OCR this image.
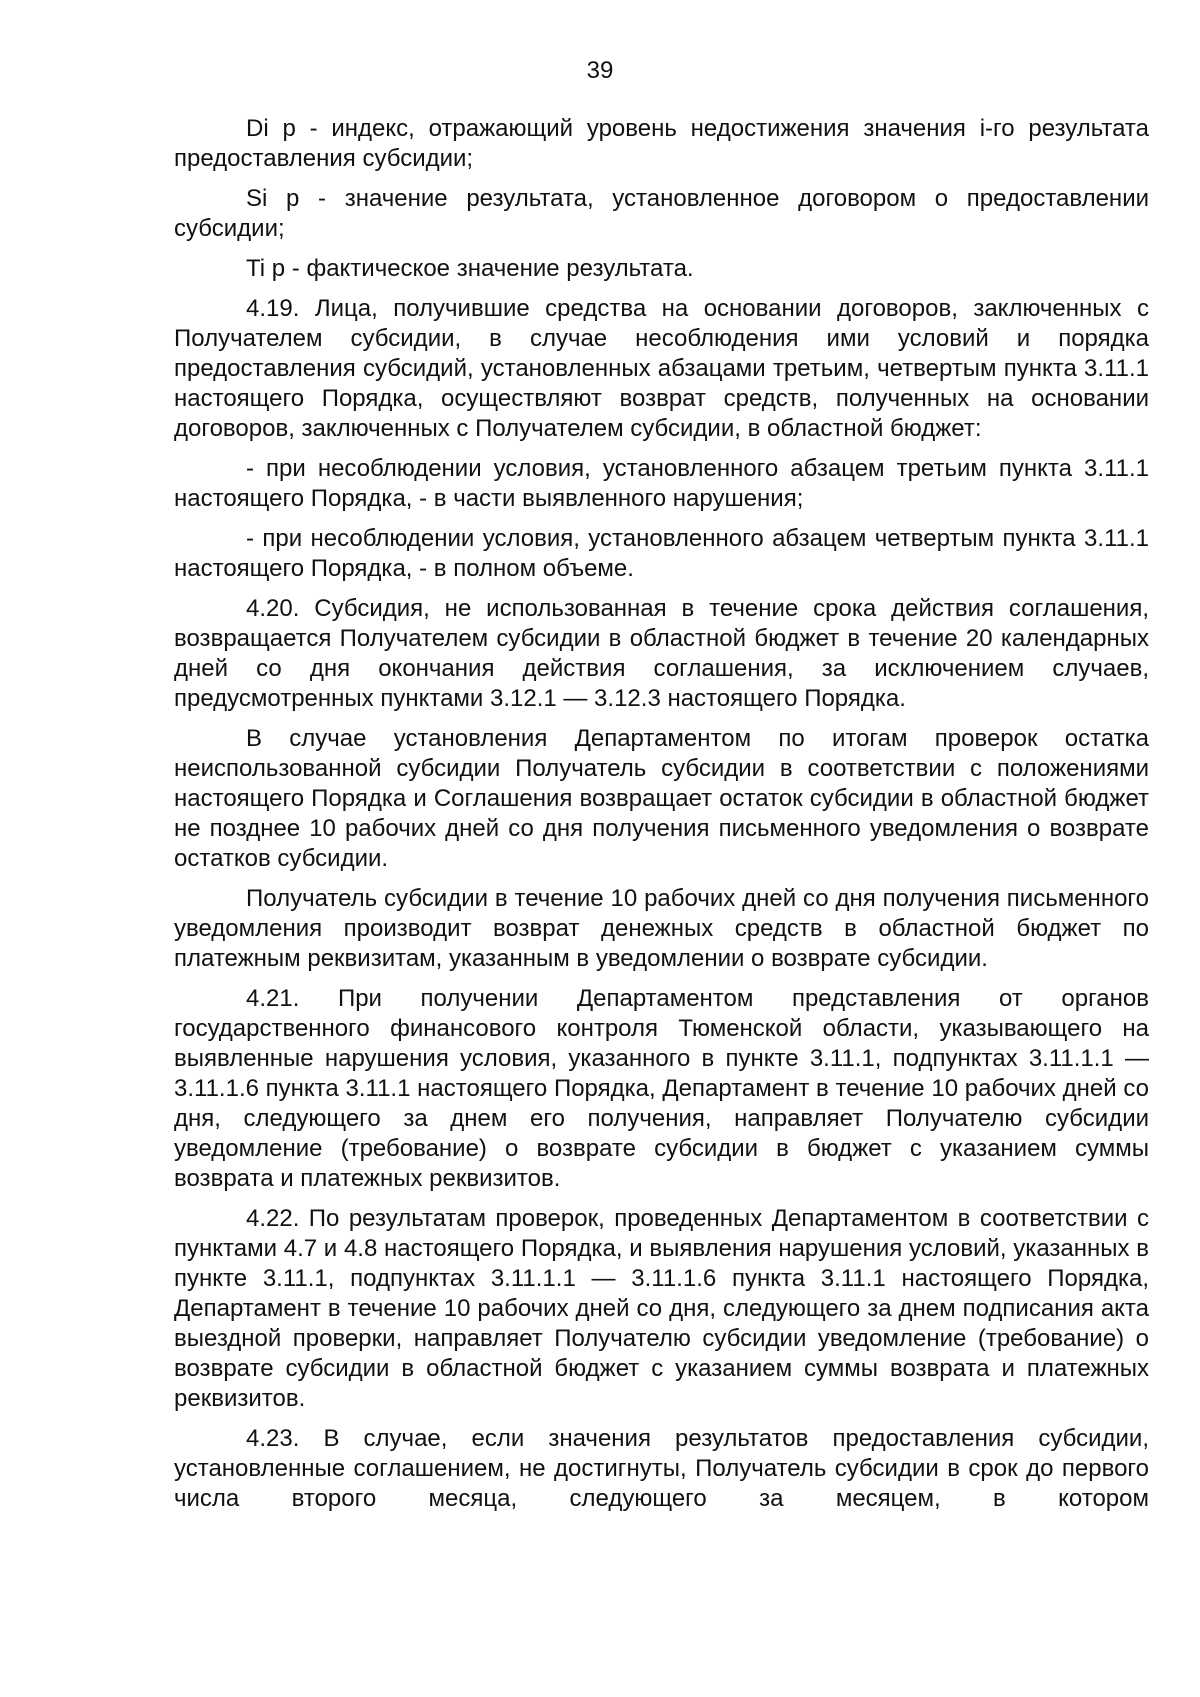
39

Di р - индекс, отражающий уровень недостижения значения i-го результата предоставления субсидии;

Si р - значение результата, установленное договором о предоставлении субсидии;

Ti р - фактическое значение результата.

4.19. Лица, получившие средства на основании договоров, заключенных с Получателем субсидии, в случае несоблюдения ими условий и порядка предоставления субсидий, установленных абзацами третьим, четвертым пункта 3.11.1 настоящего Порядка, осуществляют возврат средств, полученных на основании договоров, заключенных с Получателем субсидии, в областной бюджет:

- при несоблюдении условия, установленного абзацем третьим пункта 3.11.1 настоящего Порядка, - в части выявленного нарушения;

- при несоблюдении условия, установленного абзацем четвертым пункта 3.11.1 настоящего Порядка, - в полном объеме.

4.20. Субсидия, не использованная в течение срока действия соглашения, возвращается Получателем субсидии в областной бюджет в течение 20 календарных дней со дня окончания действия соглашения, за исключением случаев, предусмотренных пунктами 3.12.1 — 3.12.3 настоящего Порядка.

В случае установления Департаментом по итогам проверок остатка неиспользованной субсидии Получатель субсидии в соответствии с положениями настоящего Порядка и Соглашения возвращает остаток субсидии в областной бюджет не позднее 10 рабочих дней со дня получения письменного уведомления о возврате остатков субсидии.

Получатель субсидии в течение 10 рабочих дней со дня получения письменного уведомления производит возврат денежных средств в областной бюджет по платежным реквизитам, указанным в уведомлении о возврате субсидии.

4.21. При получении Департаментом представления от органов государственного финансового контроля Тюменской области, указывающего на выявленные нарушения условия, указанного в пункте 3.11.1, подпунктах 3.11.1.1 — 3.11.1.6 пункта 3.11.1 настоящего Порядка, Департамент в течение 10 рабочих дней со дня, следующего за днем его получения, направляет Получателю субсидии уведомление (требование) о возврате субсидии в бюджет с указанием суммы возврата и платежных реквизитов.

4.22. По результатам проверок, проведенных Департаментом в соответствии с пунктами 4.7 и 4.8 настоящего Порядка, и выявления нарушения условий, указанных в пункте 3.11.1, подпунктах 3.11.1.1 — 3.11.1.6 пункта 3.11.1 настоящего Порядка, Департамент в течение 10 рабочих дней со дня, следующего за днем подписания акта выездной проверки, направляет Получателю субсидии уведомление (требование) о возврате субсидии в областной бюджет с указанием суммы возврата и платежных реквизитов.

4.23. В случае, если значения результатов предоставления субсидии, установленные соглашением, не достигнуты, Получатель субсидии в срок до первого числа второго месяца, следующего за месяцем, в котором
